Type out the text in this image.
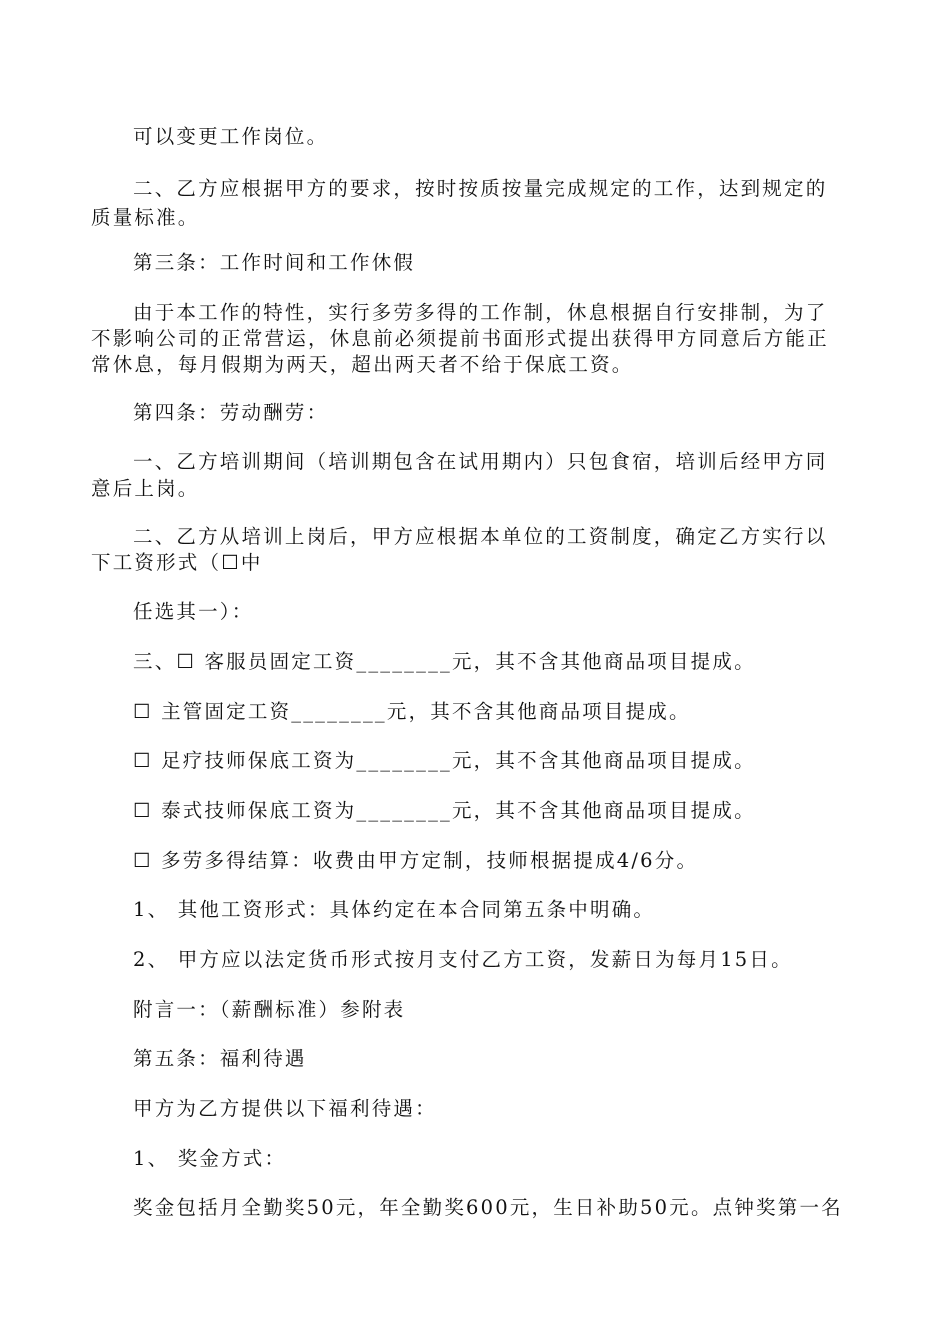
可以变更工作岗位。
二、乙方应根据甲方的要求，按时按质按量完成规定的工作，达到规定的
质量标准。
第三条：工作时间和工作休假
由于本工作的特性，实行多劳多得的工作制，休息根据自行安排制，为了
不影响公司的正常营运，休息前必须提前书面形式提出获得甲方同意后方能正
常休息，每月假期为两天，超出两天者不给于保底工资。
第四条：劳动酬劳：
一、乙方培训期间（培训期包含在试用期内）只包食宿，培训后经甲方同
意后上岗。
二、乙方从培训上岗后，甲方应根据本单位的工资制度，确定乙方实行以
下工资形式（☐中
任选其一）：
三、☐ 客服员固定工资________元，其不含其他商品项目提成。
☐ 主管固定工资________元，其不含其他商品项目提成。
☐ 足疗技师保底工资为________元，其不含其他商品项目提成。
☐ 泰式技师保底工资为________元，其不含其他商品项目提成。
☐ 多劳多得结算：收费由甲方定制，技师根据提成4/6分。
1、 其他工资形式：具体约定在本合同第五条中明确。
2、 甲方应以法定货币形式按月支付乙方工资，发薪日为每月15日。
附言一：（薪酬标准）参附表
第五条：福利待遇
甲方为乙方提供以下福利待遇：
1、 奖金方式：
奖金包括月全勤奖50元，年全勤奖600元，生日补助50元。点钟奖第一名
